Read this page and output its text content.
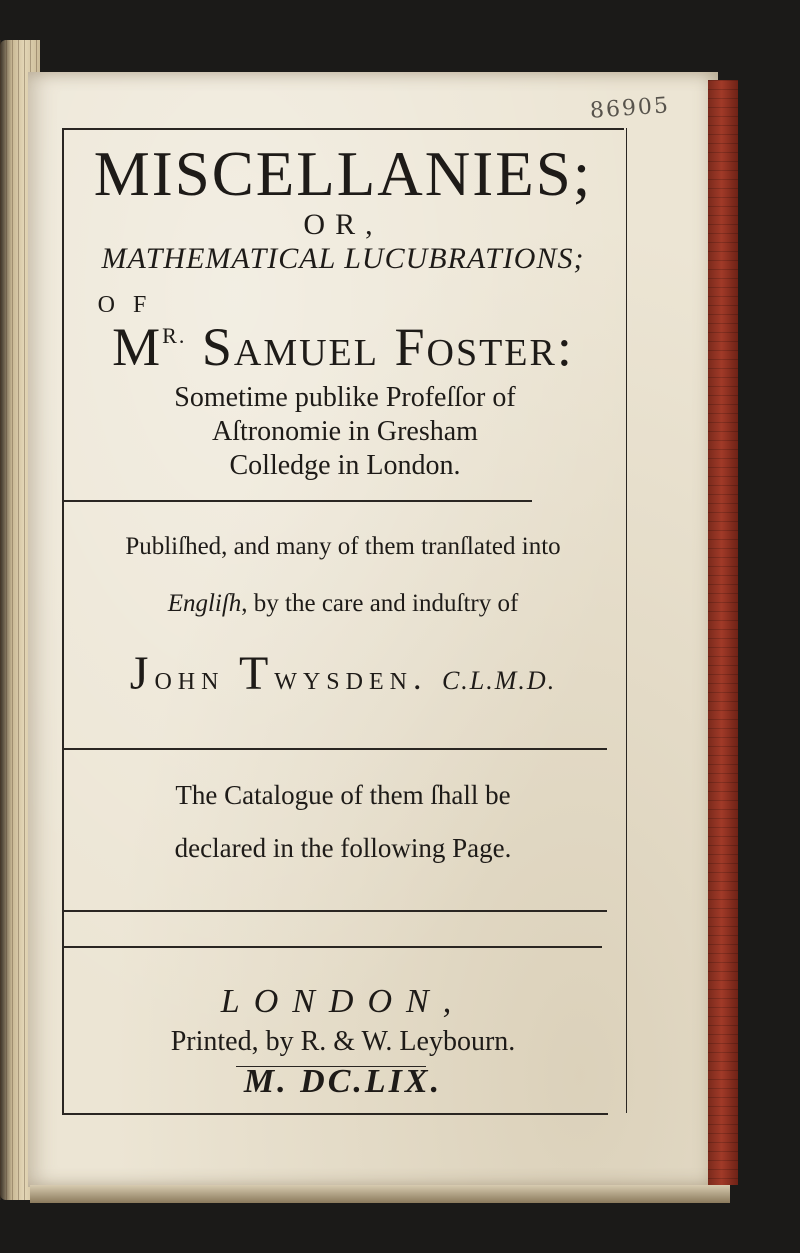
86905
MISCELLANIES;
OR,
MATHEMATICAL LUCUBRATIONS;
OF
$M^{R.}$ Samuel Foster:
Sometime publike Profeſſor of
Aſtronomie in Gresham
Colledge in London.
Publiſhed, and many of them tranſlated into
Engliſh, by the care and induſtry of
John Twysden. C.L.M.D.
The Catalogue of them ſhall be
declared in the following Page.
LONDON,
Printed, by R. & W. Leybourn.
M. DC.LIX.
